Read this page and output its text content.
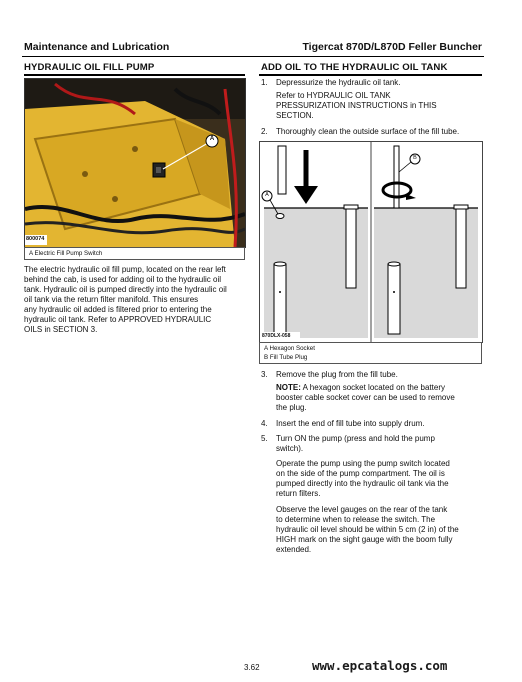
Maintenance and Lubrication	Tigercat 870D/L870D Feller Buncher
HYDRAULIC OIL FILL PUMP
A
800074
A Electric Fill Pump Switch
The electric hydraulic oil fill pump, located on the rear left
behind the cab, is used for adding oil to the hydraulic oil
tank. Hydraulic oil is pumped directly into the hydraulic oil
oil tank via the return filter manifold. This ensures
any hydraulic oil added is filtered prior to entering the
hydraulic oil tank. Refer to APPROVED HYDRAULIC
OILS in SECTION 3.
ADD OIL TO THE HYDRAULIC OIL TANK
1. Depressurize the hydraulic oil tank.
Refer to HYDRAULIC OIL TANK
PRESSURIZATION INSTRUCTIONS in THIS
SECTION.
2. Thoroughly clean the outside surface of the fill tube.
A
B
870DLX-058
A Hexagon Socket
B Fill Tube Plug
3. Remove the plug from the fill tube.
NOTE: A hexagon socket located on the battery
booster cable socket cover can be used to remove
the plug.
4. Insert the end of fill tube into supply drum.
5. Turn ON the pump (press and hold the pump
switch).
Operate the pump using the pump switch located
on the side of the pump compartment. The oil is
pumped directly into the hydraulic oil tank via the
return filters.
Observe the level gauges on the rear of the tank
to determine when to release the switch. The
hydraulic oil level should be within 5 cm (2 in) of the
HIGH mark on the sight gauge with the boom fully
extended.
3.62	www.epcatalogs.com
